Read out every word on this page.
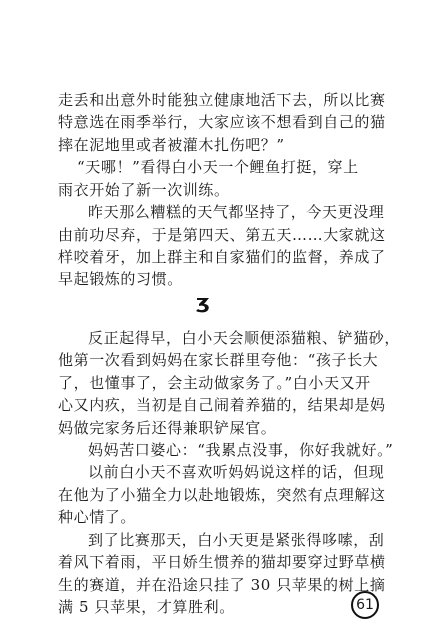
走丢和出意外时能独立健康地活下去，所以比赛
特意选在雨季举行，大家应该不想看到自己的猫
摔在泥地里或者被灌木扎伤吧？”
“天哪！”看得白小天一个鲤鱼打挺，穿上
雨衣开始了新一次训练。
昨天那么糟糕的天气都坚持了，今天更没理
由前功尽弃，于是第四天、第五天……大家就这
样咬着牙，加上群主和自家猫们的监督，养成了
早起锻炼的习惯。
反正起得早，白小天会顺便添猫粮、铲猫砂，
他第一次看到妈妈在家长群里夸他：“孩子长大
了，也懂事了，会主动做家务了。”白小天又开
心又内疚，当初是自己闹着养猫的，结果却是妈
妈做完家务后还得兼职铲屎官。
妈妈苦口婆心：“我累点没事，你好我就好。”
以前白小天不喜欢听妈妈说这样的话，但现
在他为了小猫全力以赴地锻炼，突然有点理解这
种心情了。
到了比赛那天，白小天更是紧张得哆嗦，刮
着风下着雨，平日娇生惯养的猫却要穿过野草横
生的赛道，并在沿途只挂了 30 只苹果的树上摘
满 5 只苹果，才算胜利。	61
